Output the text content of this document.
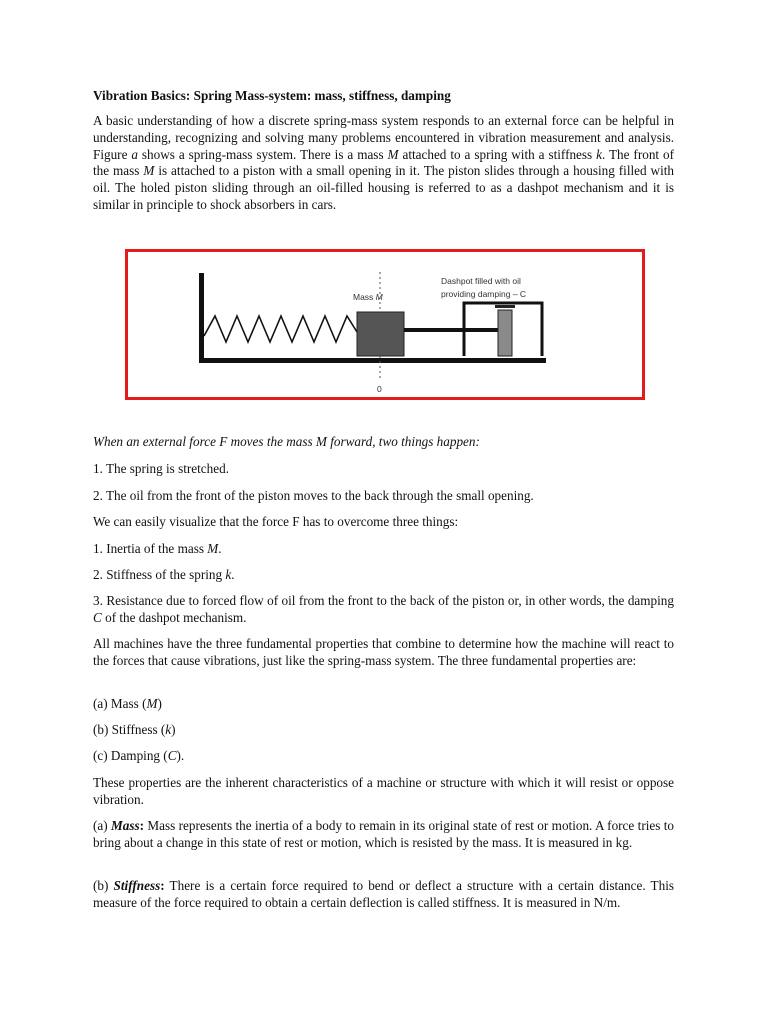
Vibration Basics: Spring Mass-system: mass, stiffness, damping

A basic understanding of how a discrete spring-mass system responds to an external force can be helpful in understanding, recognizing and solving many problems encountered in vibration measurement and analysis. Figure a shows a spring-mass system. There is a mass M attached to a spring with a stiffness k. The front of the mass M is attached to a piston with a small opening in it. The piston slides through a housing filled with oil. The holed piston sliding through an oil-filled housing is referred to as a dashpot mechanism and it is similar in principle to shock absorbers in cars.

Mass M
Dashpot filled with oil
providing damping – C
0
When an external force F moves the mass M forward, two things happen:
1. The spring is stretched.
2. The oil from the front of the piston moves to the back through the small opening.
We can easily visualize that the force F has to overcome three things:
1. Inertia of the mass M.
2. Stiffness of the spring k.

3. Resistance due to forced flow of oil from the front to the back of the piston or, in other words, the damping C of the dashpot mechanism.

All machines have the three fundamental properties that combine to determine how the machine will react to the forces that cause vibrations, just like the spring-mass system. The three fundamental properties are:

(a) Mass (M)
(b) Stiffness (k)
(c) Damping (C).

These properties are the inherent characteristics of a machine or structure with which it will resist or oppose vibration.

(a) Mass: Mass represents the inertia of a body to remain in its original state of rest or motion. A force tries to bring about a change in this state of rest or motion, which is resisted by the mass. It is measured in kg.

(b) Stiffness: There is a certain force required to bend or deflect a structure with a certain distance. This measure of the force required to obtain a certain deflection is called stiffness. It is measured in N/m.
